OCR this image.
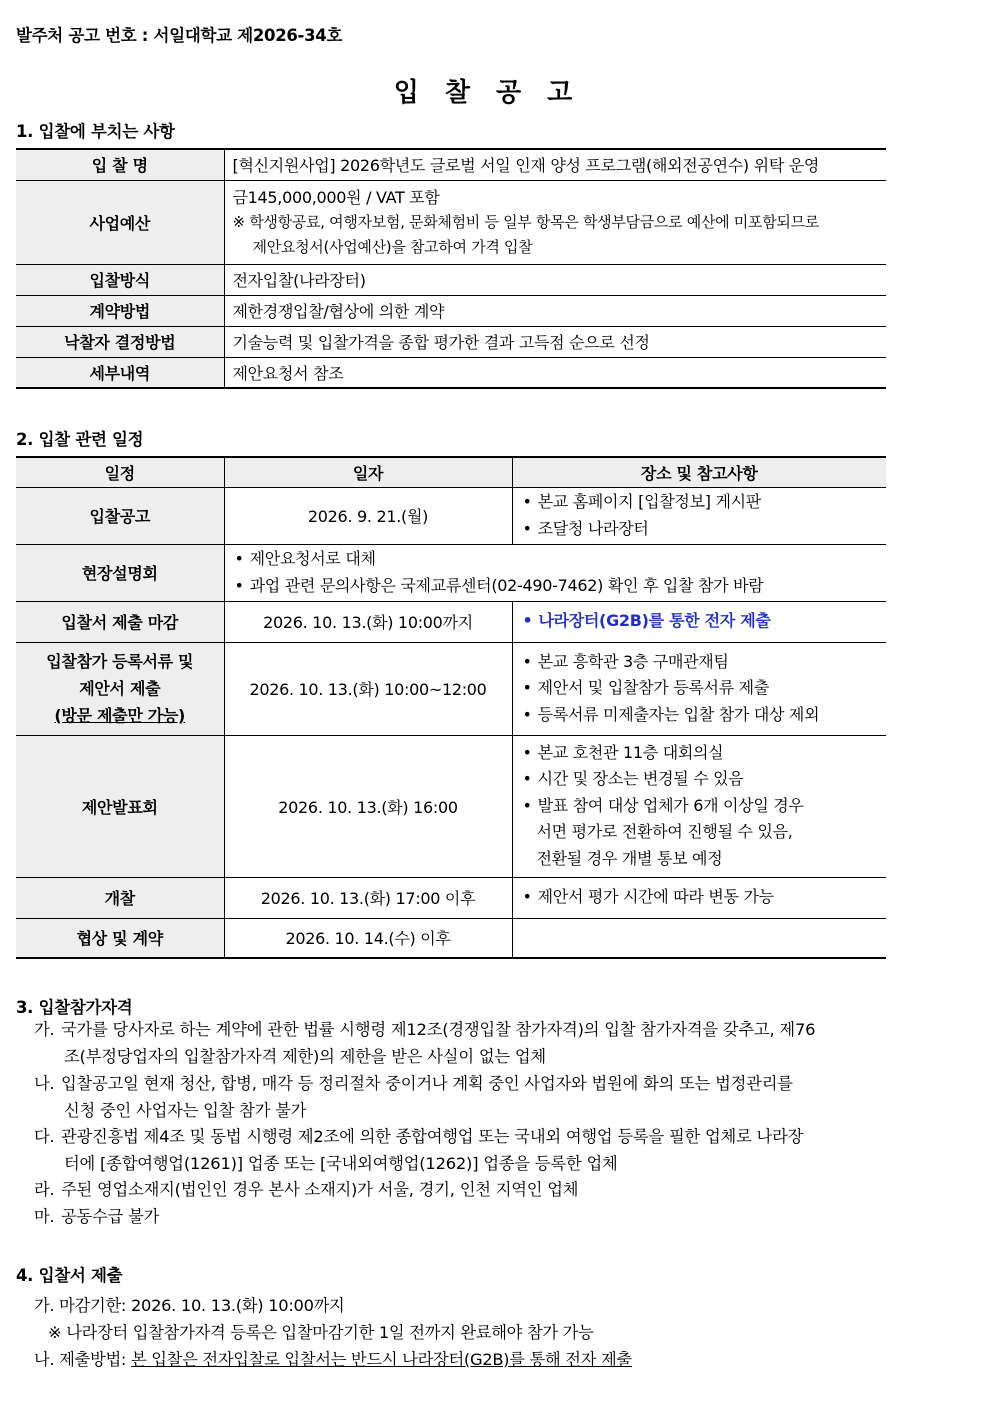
발주처 공고 번호 : 서일대학교 제2026-34호
입찰공고
1. 입찰에 부치는 사항
입 찰 명	[혁신지원사업] 2026학년도 글로벌 서일 인재 양성 프로그램(해외전공연수) 위탁 운영
사업예산	금145,000,000원 / VAT 포함
※ 학생항공료, 여행자보험, 문화체험비 등 일부 항목은 학생부담금으로 예산에 미포함되므로
제안요청서(사업예산)을 참고하여 가격 입찰

입찰방식	전자입찰(나라장터)
계약방법	제한경쟁입찰/협상에 의한 계약
낙찰자 결정방법	기술능력 및 입찰가격을 종합 평가한 결과 고득점 순으로 선정
세부내역	제안요청서 참조
2. 입찰 관련 일정
일정	일자	장소 및 참고사항
입찰공고	2026. 9. 21.(월)	• 본교 홈페이지 [입찰정보] 게시판
• 조달청 나라장터

현장설명회	• 제안요청서로 대체
• 과업 관련 문의사항은 국제교류센터(02-490-7462) 확인 후 입찰 참가 바람

입찰서 제출 마감	2026. 10. 13.(화) 10:00까지	• 나라장터(G2B)를 통한 전자 제출

입찰참가 등록서류 및
제안서 제출
(방문 제출만 가능)	2026. 10. 13.(화) 10:00~12:00	• 본교 흥학관 3층 구매관재팀
• 제안서 및 입찰참가 등록서류 제출
• 등록서류 미제출자는 입찰 참가 대상 제외

제안발표회	2026. 10. 13.(화) 16:00	• 본교 호천관 11층 대회의실
• 시간 및 장소는 변경될 수 있음
• 발표 참여 대상 업체가 6개 이상일 경우
서면 평가로 전환하여 진행될 수 있음,
전환될 경우 개별 통보 예정

개찰	2026. 10. 13.(화) 17:00 이후	• 제안서 평가 시간에 따라 변동 가능

협상 및 계약	2026. 10. 14.(수) 이후	
3. 입찰참가자격
가. 국가를 당사자로 하는 계약에 관한 법률 시행령 제12조(경쟁입찰 참가자격)의 입찰 참가자격을 갖추고, 제76
조(부정당업자의 입찰참가자격 제한)의 제한을 받은 사실이 없는 업체
나. 입찰공고일 현재 청산, 합병, 매각 등 정리절차 중이거나 계획 중인 사업자와 법원에 화의 또는 법정관리를
신청 중인 사업자는 입찰 참가 불가
다. 관광진흥법 제4조 및 동법 시행령 제2조에 의한 종합여행업 또는 국내외 여행업 등록을 필한 업체로 나라장
터에 [종합여행업(1261)] 업종 또는 [국내외여행업(1262)] 업종을 등록한 업체
라. 주된 영업소재지(법인인 경우 본사 소재지)가 서울, 경기, 인천 지역인 업체
마. 공동수급 불가
4. 입찰서 제출
가. 마감기한: 2026. 10. 13.(화) 10:00까지
※ 나라장터 입찰참가자격 등록은 입찰마감기한 1일 전까지 완료해야 참가 가능
나. 제출방법: 본 입찰은 전자입찰로 입찰서는 반드시 나라장터(G2B)를 통해 전자 제출
